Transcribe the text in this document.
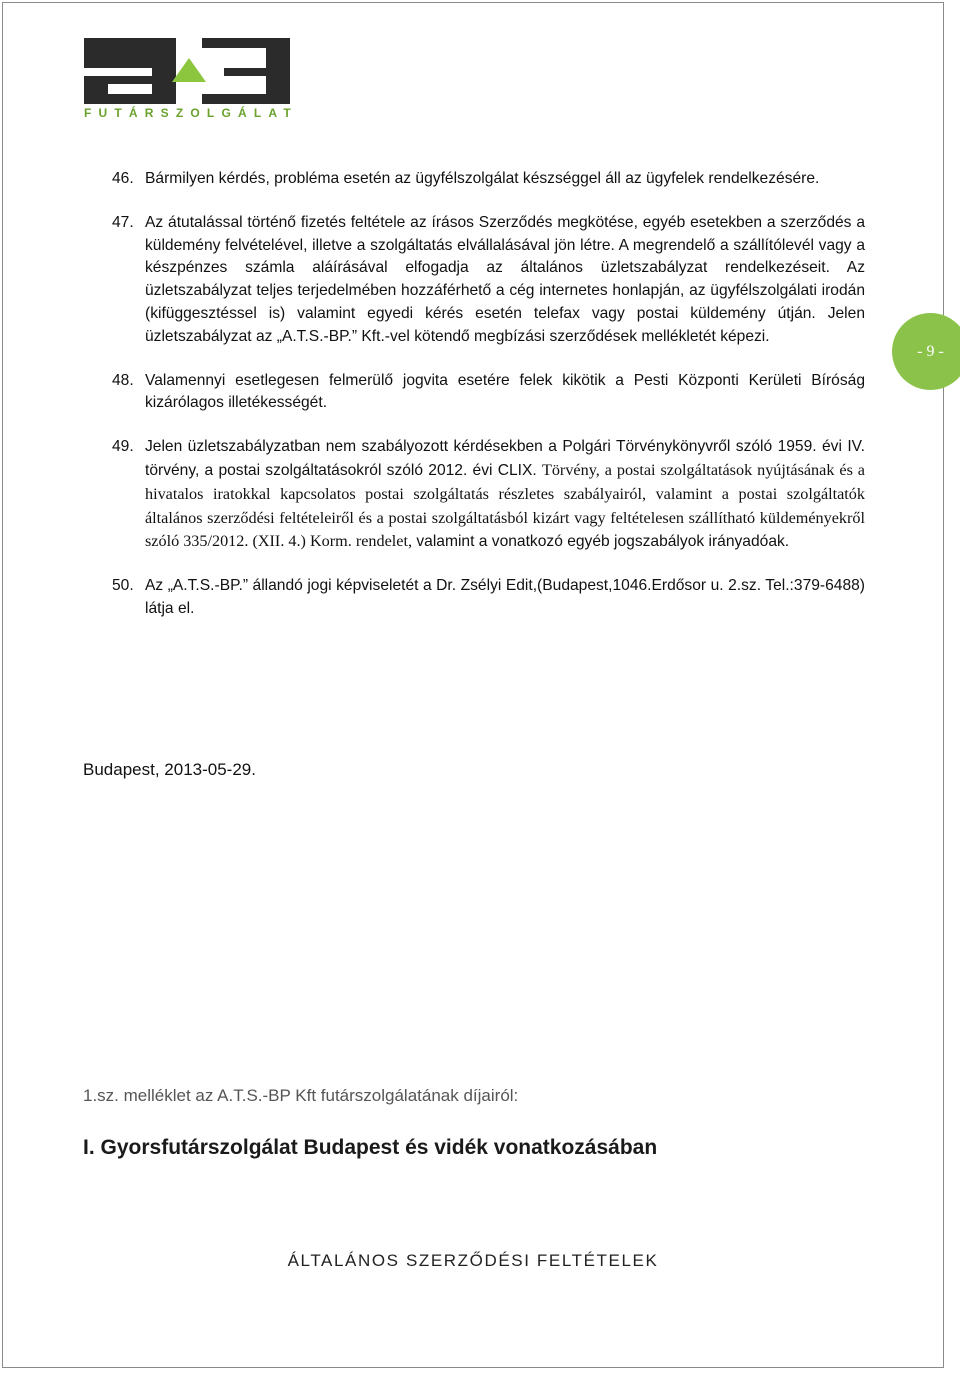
FUTÁRSZOLGÁLAT
- 9 -
46. Bármilyen kérdés, probléma esetén az ügyfélszolgálat készséggel áll az ügyfelek rendelkezésére.
47. Az átutalással történő fizetés feltétele az írásos Szerződés megkötése, egyéb esetekben a szerződés a küldemény felvételével, illetve a szolgáltatás elvállalásával jön létre. A megrendelő a szállítólevél vagy a készpénzes számla aláírásával elfogadja az általános üzletszabályzat rendelkezéseit. Az üzletszabályzat teljes terjedelmében hozzáférhető a cég internetes honlapján, az ügyfélszolgálati irodán (kifüggesztéssel is) valamint egyedi kérés esetén telefax vagy postai küldemény útján. Jelen üzletszabályzat az „A.T.S.-BP.” Kft.-vel kötendő megbízási szerződések mellékletét képezi.
48. Valamennyi esetlegesen felmerülő jogvita esetére felek kikötik a Pesti Központi Kerületi Bíróság kizárólagos illetékességét.
49. Jelen üzletszabályzatban nem szabályozott kérdésekben a Polgári Törvénykönyvről szóló 1959. évi IV. törvény, a postai szolgáltatásokról szóló 2012. évi CLIX. Törvény, a postai szolgáltatások nyújtásának és a hivatalos iratokkal kapcsolatos postai szolgáltatás részletes szabályairól, valamint a postai szolgáltatók általános szerződési feltételeiről és a postai szolgáltatásból kizárt vagy feltételesen szállítható küldeményekről szóló 335/2012. (XII. 4.) Korm. rendelet, valamint a vonatkozó egyéb jogszabályok irányadóak.
50. Az „A.T.S.-BP.” állandó jogi képviseletét a Dr. Zsélyi Edit,(Budapest,1046.Erdősor u. 2.sz. Tel.:379-6488) látja el.
Budapest, 2013-05-29.
1.sz. melléklet az A.T.S.-BP Kft futárszolgálatának díjairól:
I. Gyorsfutárszolgálat Budapest és vidék vonatkozásában
ÁLTALÁNOS SZERZŐDÉSI FELTÉTELEK
